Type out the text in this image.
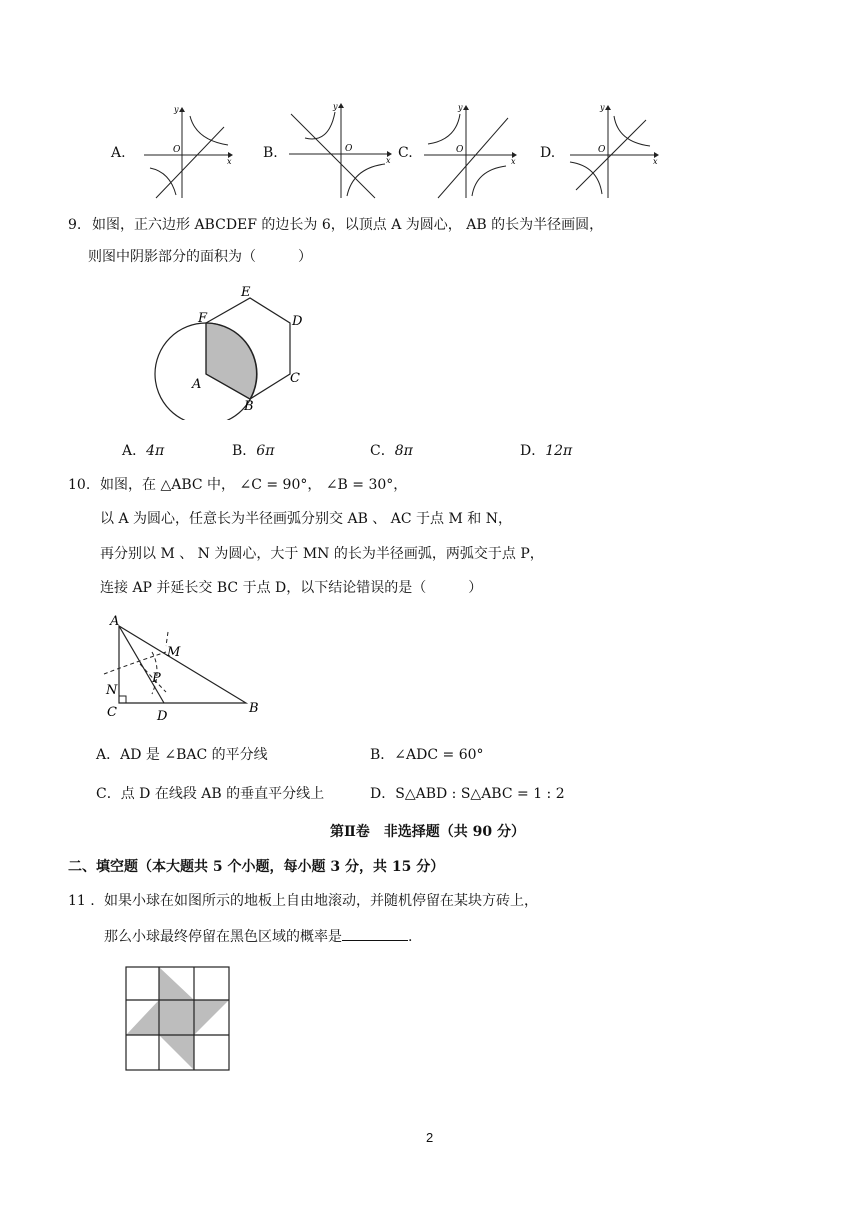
A.
y
x
O	B.
y
x
O	C.
y
x
O	D.
y
x
O
9. 如图，正六边形 ABCDEF 的边长为 6，以顶点 A 为圆心， AB 的长为半径画圆，
则图中阴影部分的面积为（　　　）
E
F	D
A	C
B
A．4π	B．6π	C．8π	D．12π
10. 如图，在 △ABC 中， ∠C = 90°， ∠B = 30°，
以 A 为圆心，任意长为半径画弧分别交 AB 、 AC 于点 M 和 N，
再分别以 M 、 N 为圆心，大于 MN 的长为半径画弧，两弧交于点 P，
连接 AP 并延长交 BC 于点 D，以下结论错误的是（　　　）
A
M
N
P
C	D
B
A．AD 是 ∠BAC 的平分线	B．∠ADC = 60°
C．点 D 在线段 AB 的垂直平分线上	D．S△ABD : S△ABC = 1 : 2
第Ⅱ卷　非选择题（共 90 分）
二、填空题（本大题共 5 个小题，每小题 3 分，共 15 分）
11 . 如果小球在如图所示的地板上自由地滚动，并随机停留在某块方砖上，
那么小球最终停留在黑色区域的概率是	.
2
